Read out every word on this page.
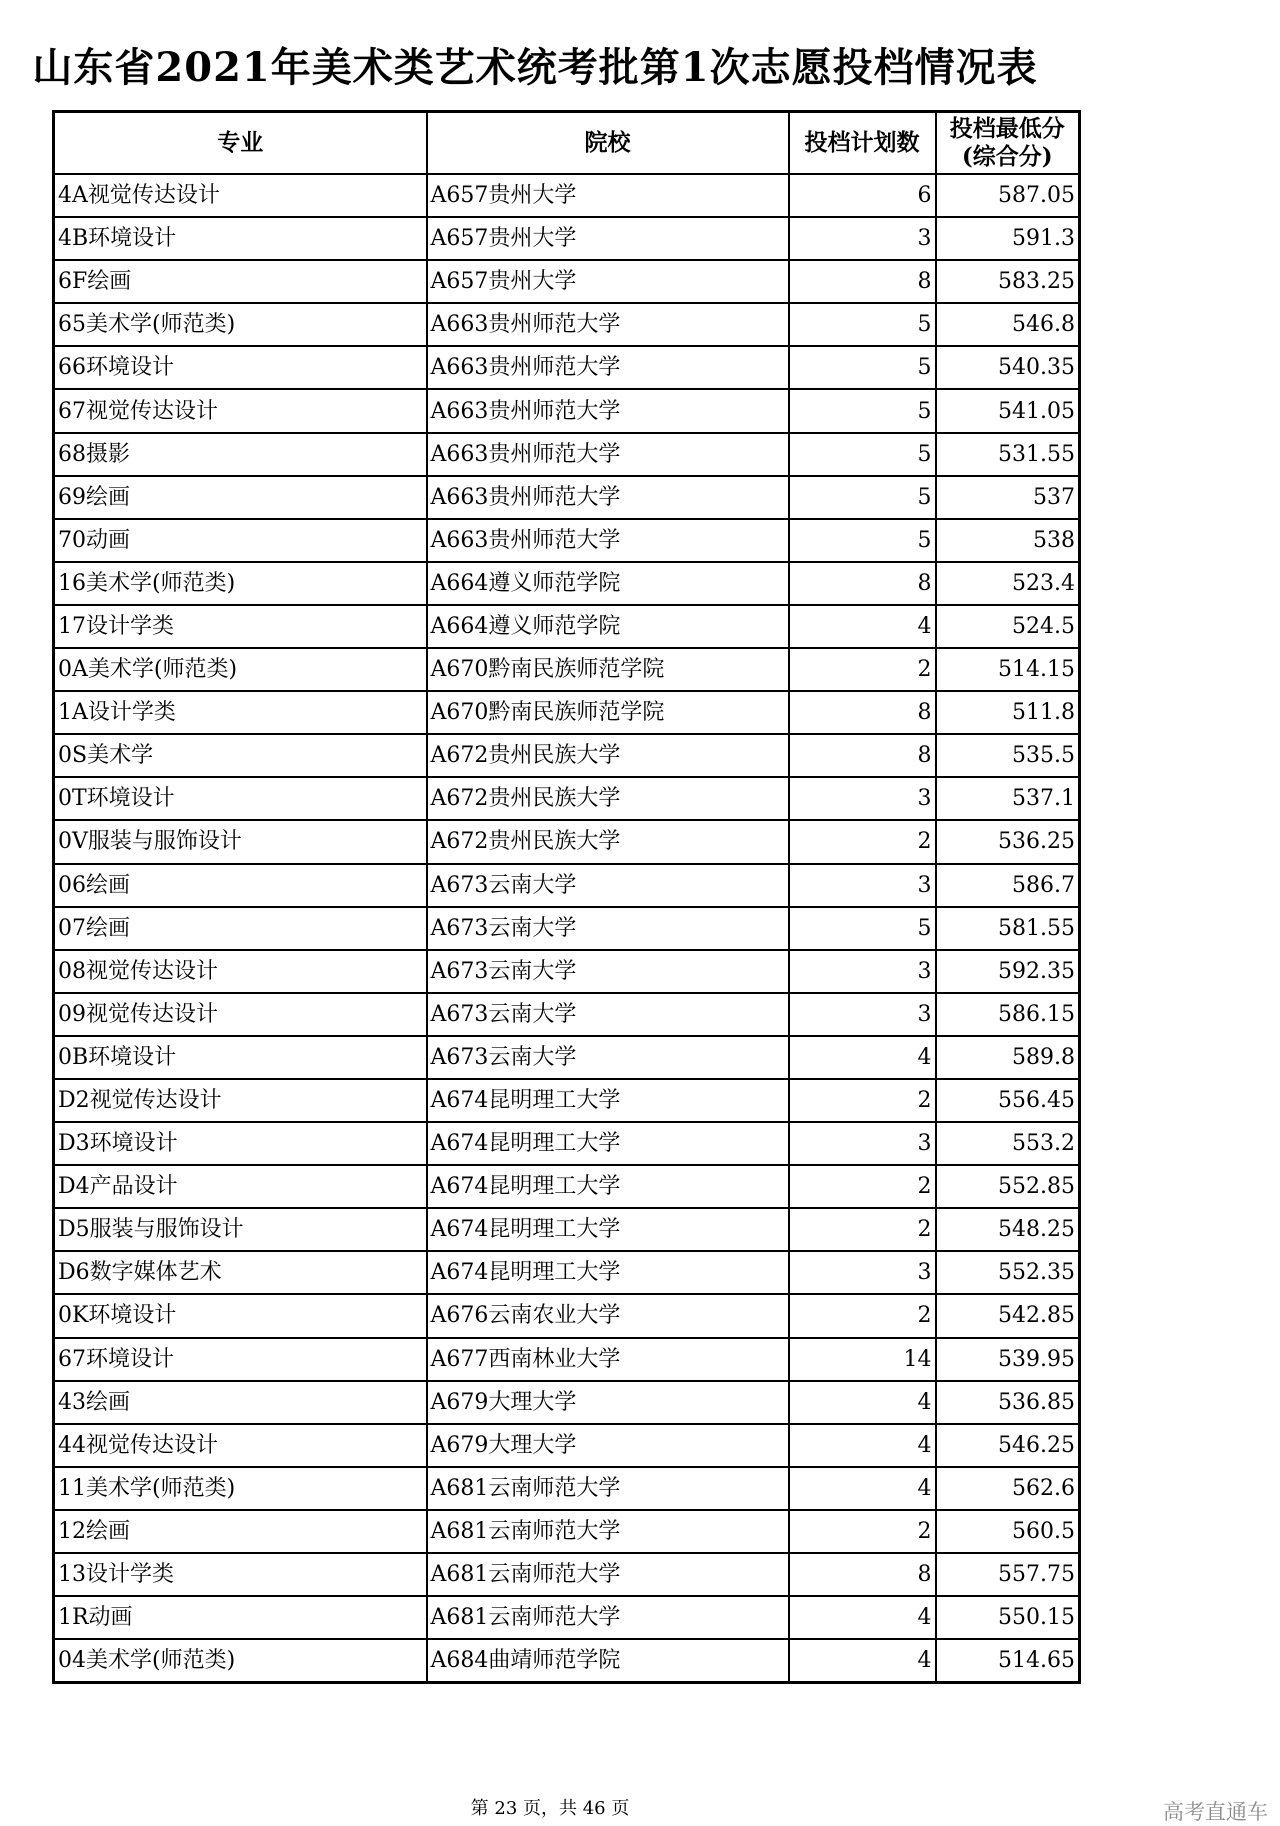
山东省2021年美术类艺术统考批第1次志愿投档情况表
专业	院校	投档计划数	投档最低分
(综合分)

4A视觉传达设计	A657贵州大学	6	587.05
4B环境设计	A657贵州大学	3	591.3
6F绘画	A657贵州大学	8	583.25
65美术学(师范类)	A663贵州师范大学	5	546.8
66环境设计	A663贵州师范大学	5	540.35
67视觉传达设计	A663贵州师范大学	5	541.05
68摄影	A663贵州师范大学	5	531.55
69绘画	A663贵州师范大学	5	537
70动画	A663贵州师范大学	5	538
16美术学(师范类)	A664遵义师范学院	8	523.4
17设计学类	A664遵义师范学院	4	524.5
0A美术学(师范类)	A670黔南民族师范学院	2	514.15
1A设计学类	A670黔南民族师范学院	8	511.8
0S美术学	A672贵州民族大学	8	535.5
0T环境设计	A672贵州民族大学	3	537.1
0V服装与服饰设计	A672贵州民族大学	2	536.25
06绘画	A673云南大学	3	586.7
07绘画	A673云南大学	5	581.55
08视觉传达设计	A673云南大学	3	592.35
09视觉传达设计	A673云南大学	3	586.15
0B环境设计	A673云南大学	4	589.8
D2视觉传达设计	A674昆明理工大学	2	556.45
D3环境设计	A674昆明理工大学	3	553.2
D4产品设计	A674昆明理工大学	2	552.85
D5服装与服饰设计	A674昆明理工大学	2	548.25
D6数字媒体艺术	A674昆明理工大学	3	552.35
0K环境设计	A676云南农业大学	2	542.85
67环境设计	A677西南林业大学	14	539.95
43绘画	A679大理大学	4	536.85
44视觉传达设计	A679大理大学	4	546.25
11美术学(师范类)	A681云南师范大学	4	562.6
12绘画	A681云南师范大学	2	560.5
13设计学类	A681云南师范大学	8	557.75
1R动画	A681云南师范大学	4	550.15
04美术学(师范类)	A684曲靖师范学院	4	514.65
第 23 页，共 46 页	高考直通车
